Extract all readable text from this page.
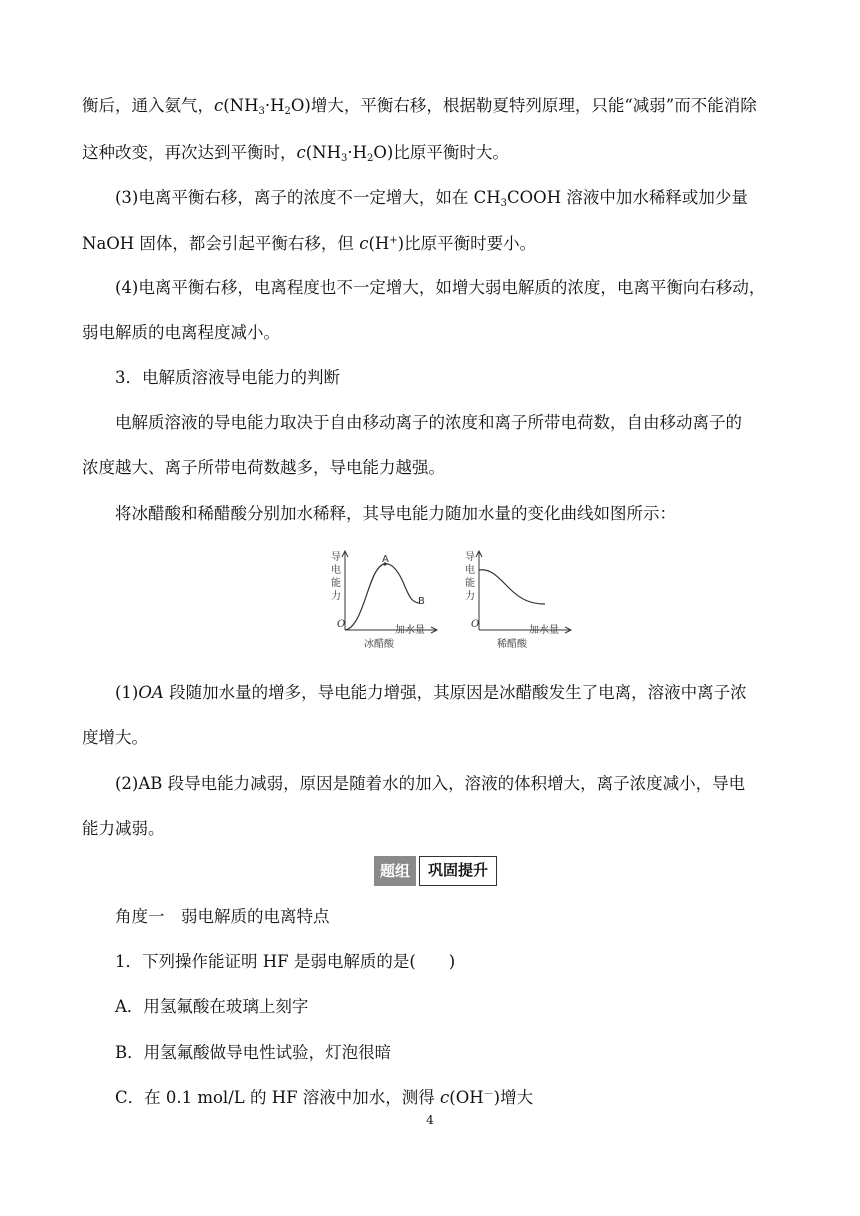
衡后，通入氨气，$c(NH_3\cdot H_2O)$增大，平衡右移，根据勒夏特列原理，只能“减弱”而不能消除
这种改变，再次达到平衡时，$c(NH_3\cdot H_2O)$比原平衡时大。
(3)电离平衡右移，离子的浓度不一定增大，如在 $CH_3COOH$ 溶液中加水稀释或加少量
NaOH 固体，都会引起平衡右移，但 c(H+)比原平衡时要小。
(4)电离平衡右移，电离程度也不一定增大，如增大弱电解质的浓度，电离平衡向右移动，
弱电解质的电离程度减小。
3．电解质溶液导电能力的判断
电解质溶液的导电能力取决于自由移动离子的浓度和离子所带电荷数，自由移动离子的
浓度越大、离子所带电荷数越多，导电能力越强。
将冰醋酸和稀醋酸分别加水稀释，其导电能力随加水量的变化曲线如图所示：
导
电
能
力
A
B
O
加水量
冰醋酸
导
电
能
力
O
加水量
稀醋酸
(1)OA 段随加水量的增多，导电能力增强，其原因是冰醋酸发生了电离，溶液中离子浓
度增大。
(2)AB 段导电能力减弱，原因是随着水的加入，溶液的体积增大，离子浓度减小，导电
能力减弱。
题组	巩固提升
角度一　弱电解质的电离特点
1．下列操作能证明 HF 是弱电解质的是(　　)
A．用氢氟酸在玻璃上刻字
B．用氢氟酸做导电性试验，灯泡很暗
C．在 0.1 mol/L 的 HF 溶液中加水，测得 c(OH－)增大
4
